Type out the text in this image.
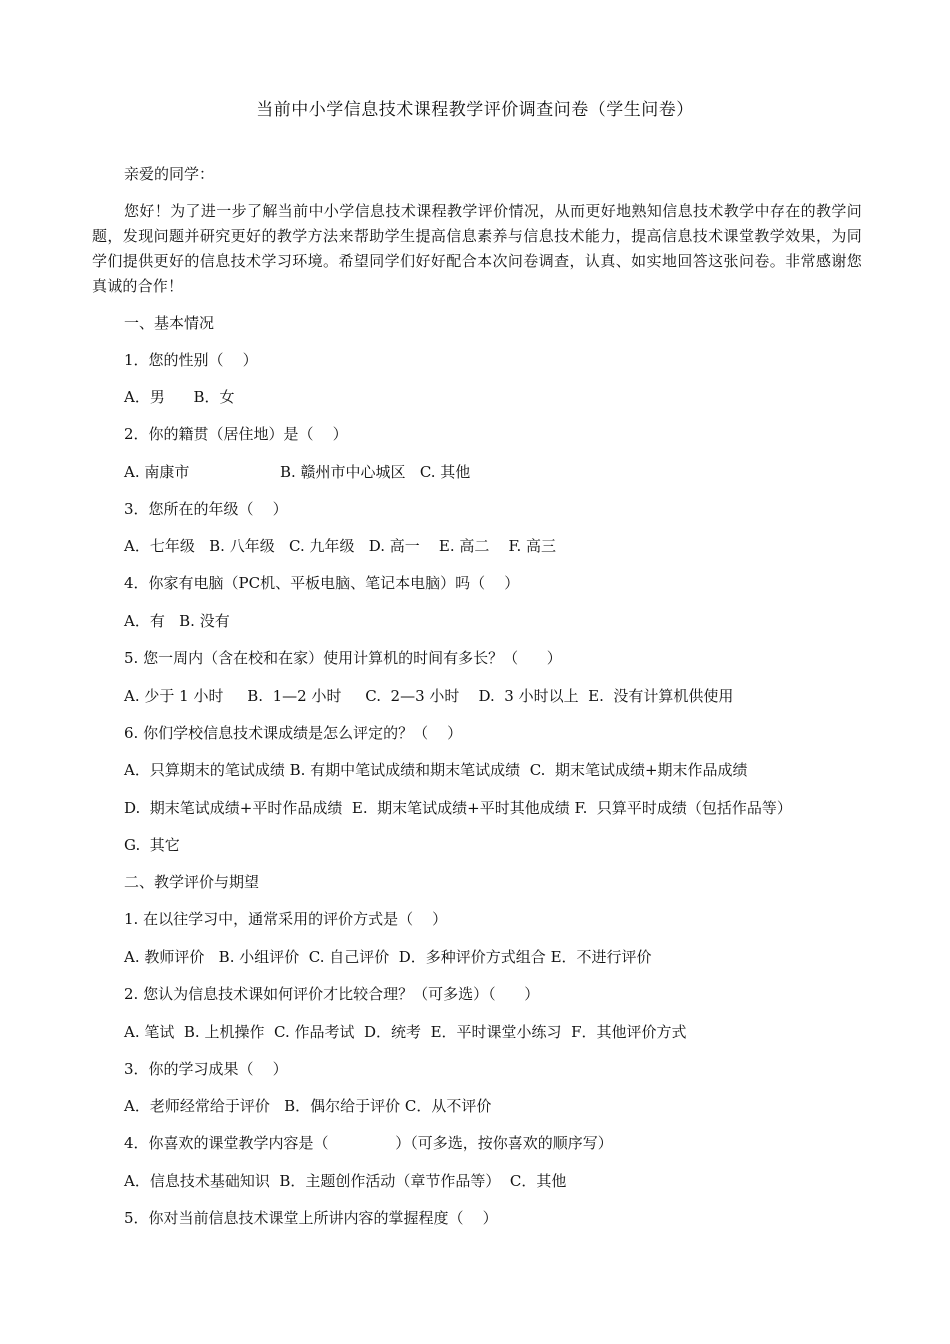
当前中小学信息技术课程教学评价调查问卷（学生问卷）
亲爱的同学：
您好！为了进一步了解当前中小学信息技术课程教学评价情况，从而更好地熟知信息技术教学中存在的教学问题，发现问题并研究更好的教学方法来帮助学生提高信息素养与信息技术能力，提高信息技术课堂教学效果，为同学们提供更好的信息技术学习环境。希望同学们好好配合本次问卷调查，认真、如实地回答这张问卷。非常感谢您真诚的合作！
一、基本情况
1．您的性别（    ）
A．男      B．女
2．你的籍贯（居住地）是（    ）
A. 南康市                   B. 赣州市中心城区   C. 其他
3．您所在的年级（    ）
A．七年级   B. 八年级   C. 九年级   D. 高一    E. 高二    F. 高三
4．你家有电脑（PC机、平板电脑、笔记本电脑）吗（    ）
A．有   B. 没有
5. 您一周内（含在校和在家）使用计算机的时间有多长？（      ）
A. 少于 1 小时     B.  1—2 小时     C.  2—3 小时    D.  3 小时以上  E.  没有计算机供使用
6. 你们学校信息技术课成绩是怎么评定的？（    ）
A．只算期末的笔试成绩 B. 有期中笔试成绩和期末笔试成绩  C.  期末笔试成绩+期末作品成绩
D.  期末笔试成绩+平时作品成绩  E.  期末笔试成绩+平时其他成绩 F.  只算平时成绩（包括作品等）
G.  其它
二、教学评价与期望
1. 在以往学习中，通常采用的评价方式是（    ）
A. 教师评价   B. 小组评价  C. 自己评价  D．多种评价方式组合 E．不进行评价
2. 您认为信息技术课如何评价才比较合理？（可多选）（      ）
A. 笔试  B. 上机操作  C. 作品考试  D．统考  E．平时课堂小练习  F．其他评价方式
3．你的学习成果（    ）
A．老师经常给于评价   B．偶尔给于评价 C．从不评价
4．你喜欢的课堂教学内容是（              ）（可多选，按你喜欢的顺序写）
A．信息技术基础知识  B．主题创作活动（章节作品等）  C．其他
5．你对当前信息技术课堂上所讲内容的掌握程度（    ）
